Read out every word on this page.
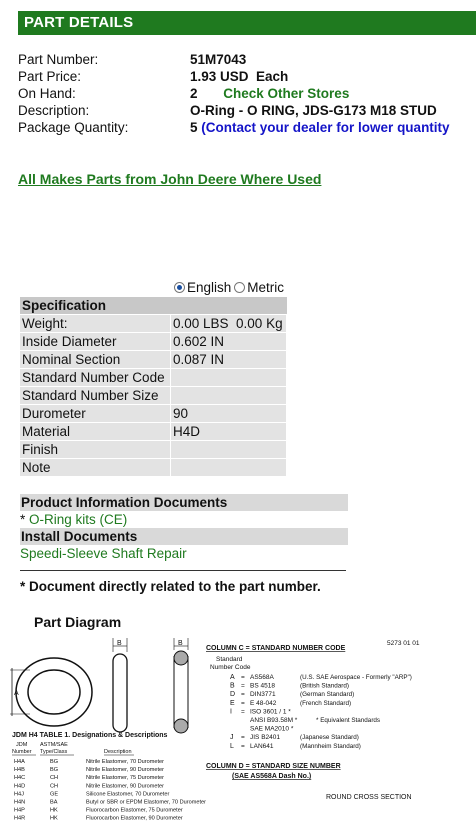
PART DETAILS
Part Number:	51M7043
Part Price:	1.93 USD  Each
On Hand:	2 Check Other Stores
Description:	O-Ring - O RING, JDS-G173 M18 STUD
Package Quantity:	5 (Contact your dealer for lower quantity
All Makes Parts from John Deere Where Used
English Metric
Specification	
Weight:	0.00 LBS  0.00 Kg
Inside Diameter	0.602 IN
Nominal Section	0.087 IN
Standard Number Code	
Standard Number Size	
Durometer	90
Material	H4D
Finish	
Note	
Product Information Documents
* O-Ring kits (CE)
Install Documents
Speedi-Sleeve Shaft Repair
* Document directly related to the part number.
Part Diagram
A
B	B	5273 01 01
COLUMN C = STANDARD NUMBER CODE
Standard
Number Code
A = AS568A	(U.S. SAE Aerospace - Formerly "ARP")
B = BS 4518	(British Standard)
D = DIN3771	(German Standard)
E = E 48-042	(French Standard)
I = ISO 3601 / 1 *
ANSI B93.58M *	* Equivalent Standards
SAE MA2010 *
J = JIS B2401	(Japanese Standard)
L = LAN641	(Mannheim Standard)
COLUMN D = STANDARD SIZE NUMBER
(SAE AS568A Dash No.)
ROUND CROSS SECTION
JDM H4 TABLE 1. Designations & Descriptions
JDM
Number
ASTM/SAE
Type/Class	Description
H4A	BG	Nitrile Elastomer, 70 Durometer
H4B	BG	Nitrile Elastomer, 90 Durometer
H4C	CH	Nitrile Elastomer, 75 Durometer
H4D	CH	Nitrile Elastomer, 90 Durometer
H4J	GE	Silicone Elastomer, 70 Durometer
H4N	BA	Butyl or SBR or EPDM Elastomer, 70 Durometer
H4P	HK	Fluorocarbon Elastomer, 75 Durometer
H4R	HK	Fluorocarbon Elastomer, 90 Durometer
